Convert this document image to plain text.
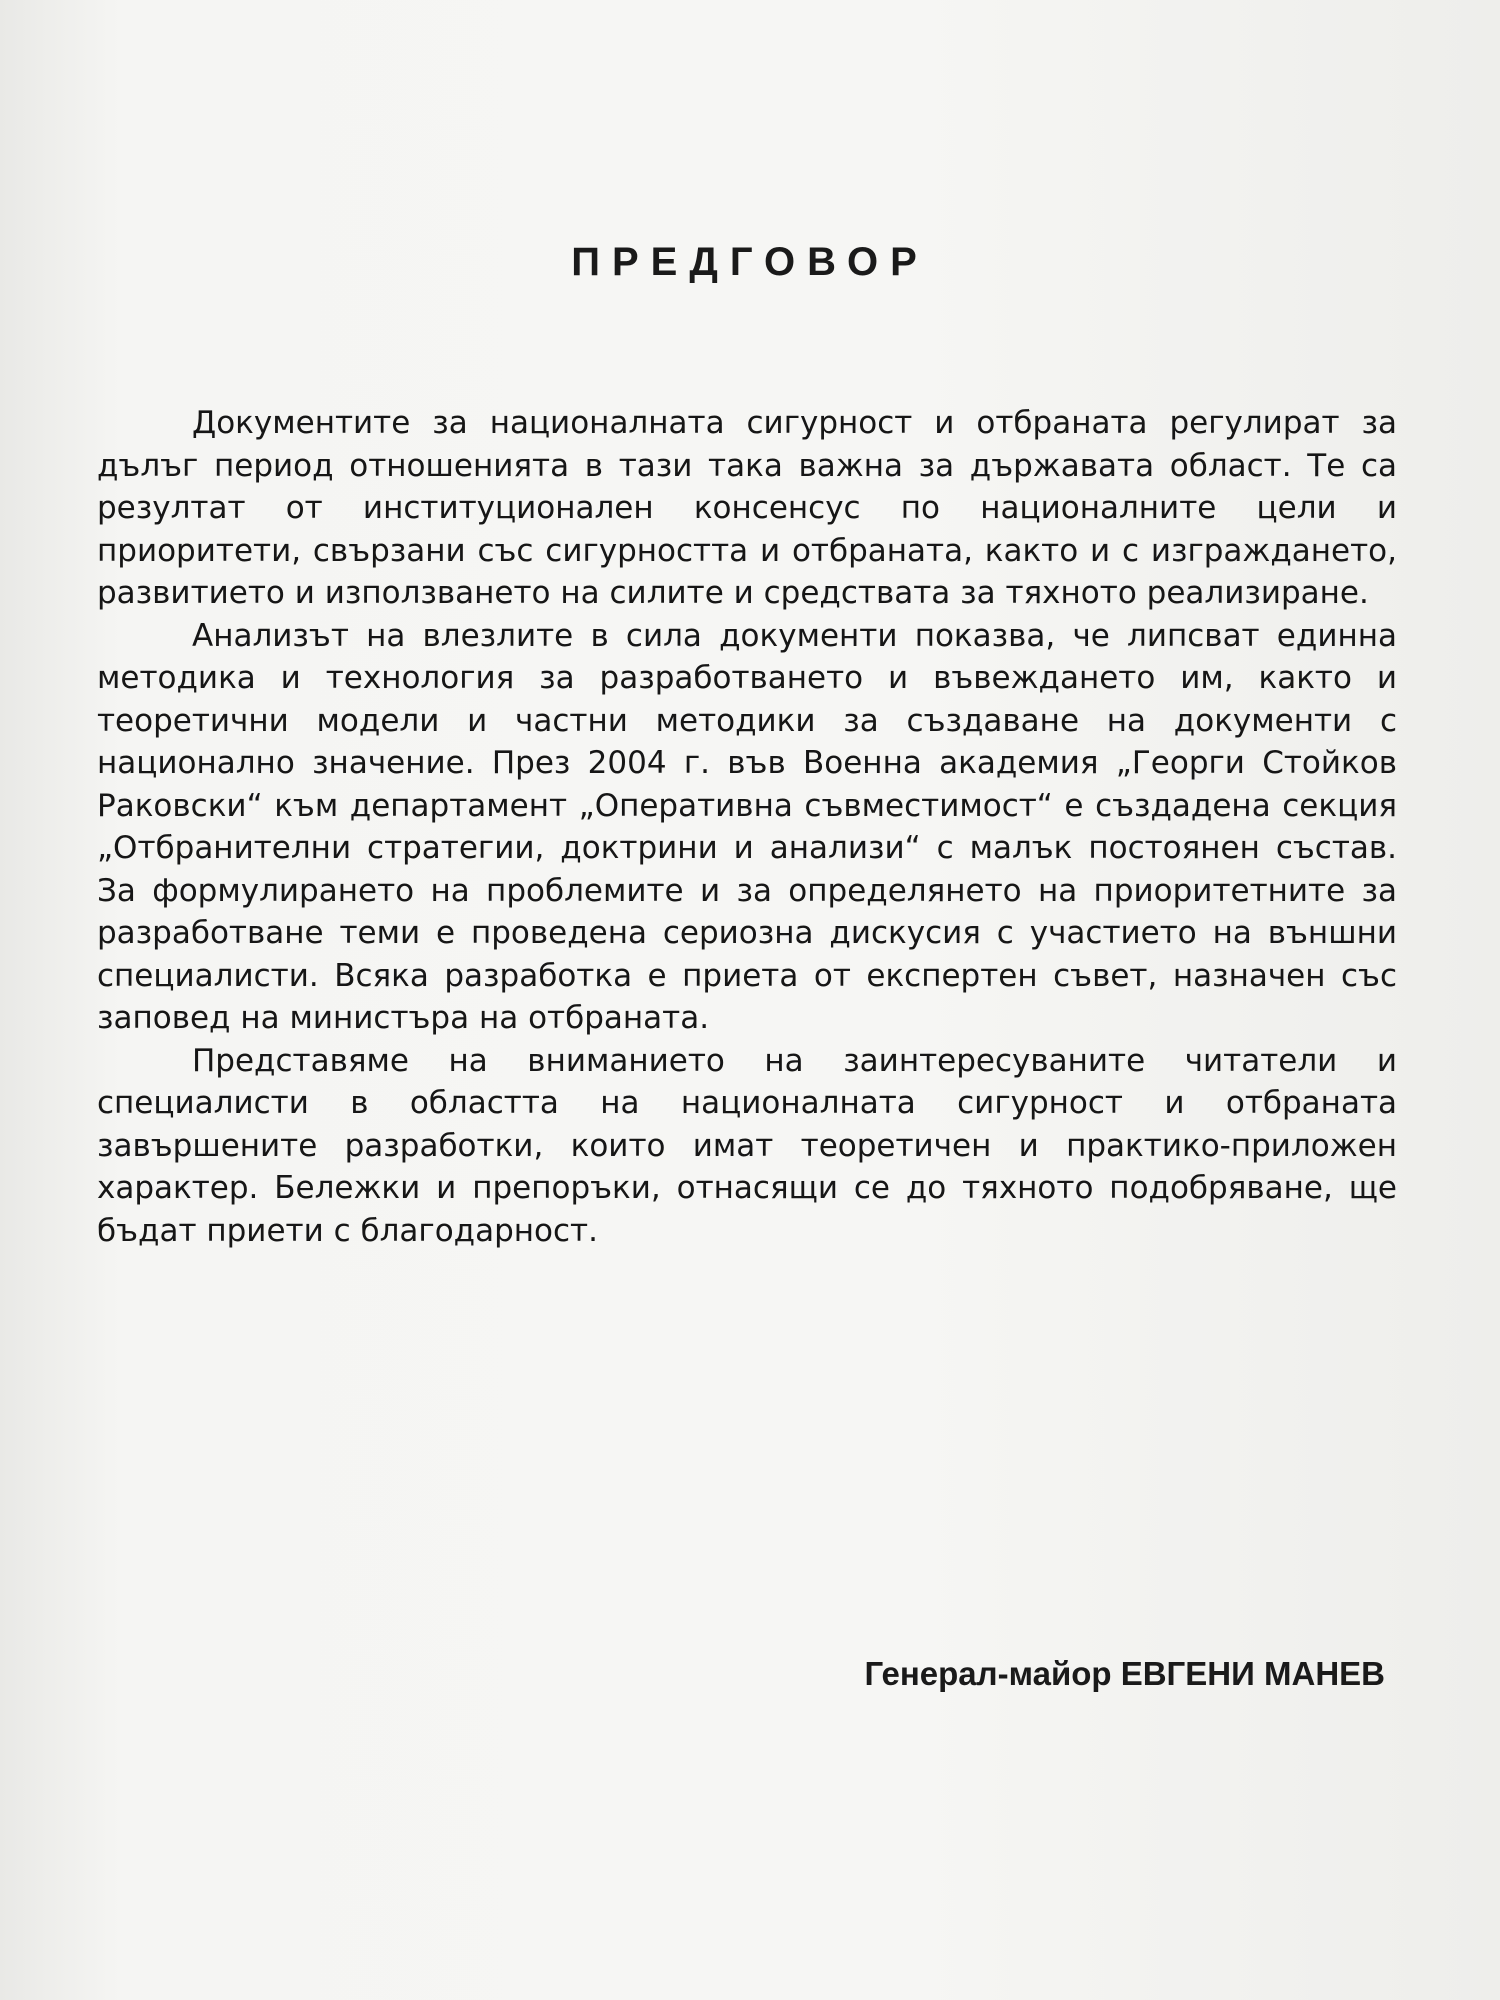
ПРЕДГОВОР

Документите за националната сигурност и отбраната регулират за дълъг период отношенията в тази така важна за държавата област. Те са резултат от институционален консенсус по националните цели и приоритети, свързани със сигурността и отбраната, както и с изграждането, развитието и използването на силите и средствата за тяхното реализиране.

Анализът на влезлите в сила документи показва, че липсват единна методика и технология за разработването и въвеждането им, както и теоретични модели и частни методики за създаване на документи с национално значение. През 2004 г. във Военна академия „Георги Стойков Раковски“ към департамент „Оперативна съвместимост“ е създадена секция „Отбранителни стратегии, доктрини и анализи“ с малък постоянен състав. За формулирането на проблемите и за определянето на приоритетните за разработване теми е проведена сериозна дискусия с участието на външни специалисти. Всяка разработка е приета от експертен съвет, назначен със заповед на министъра на отбраната.

Представяме на вниманието на заинтересуваните читатели и специалисти в областта на националната сигурност и отбраната завършените разработки, които имат теоретичен и практико-приложен характер. Бележки и препоръки, отнасящи се до тяхното подобряване, ще бъдат приети с благодарност.

Генерал-майор ЕВГЕНИ МАНЕВ
